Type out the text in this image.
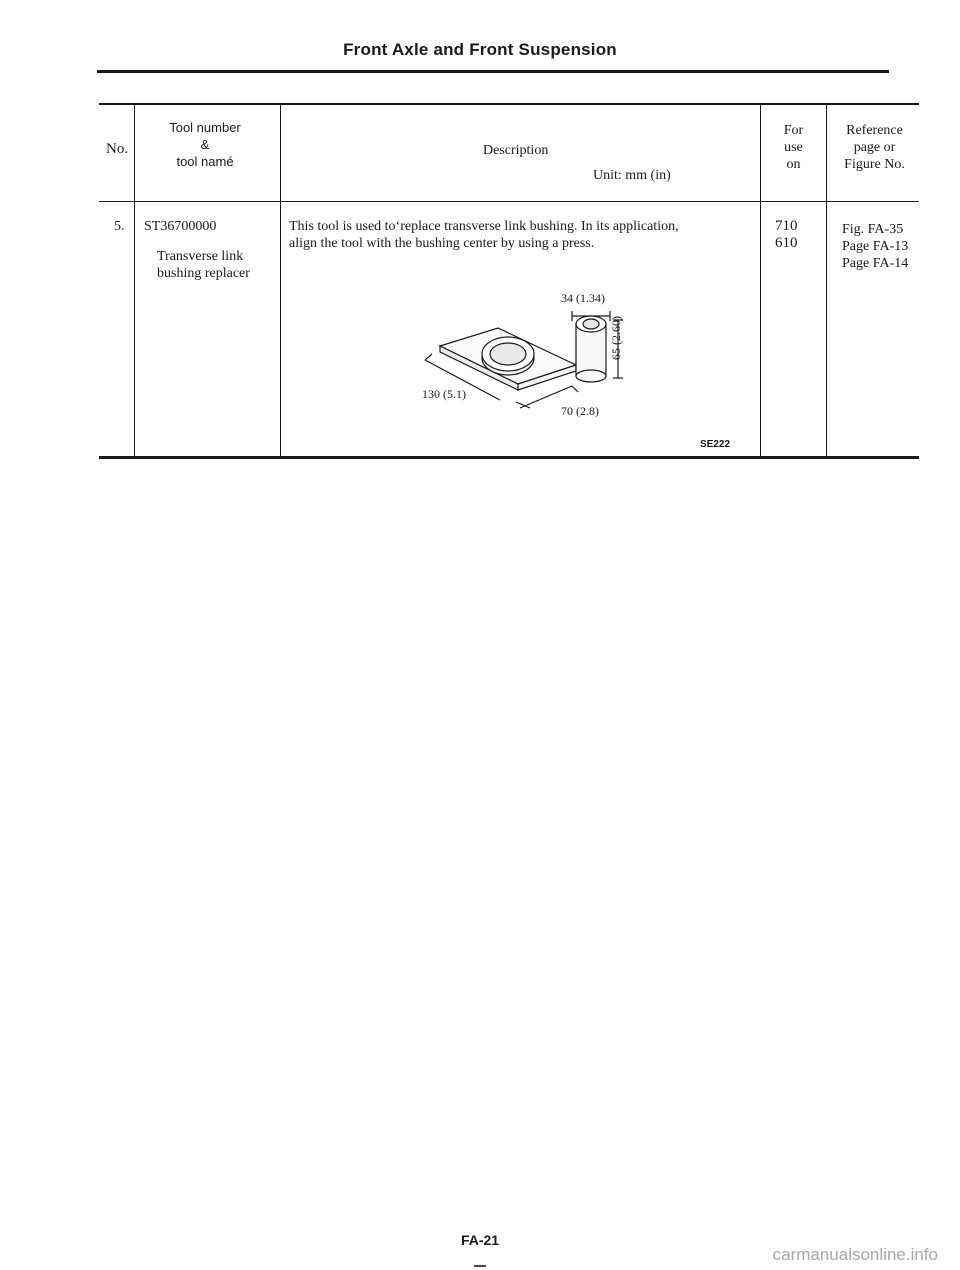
Front Axle and Front Suspension
No.
Tool number
&
tool namé
Description
Unit: mm (in)
For
use
on
Reference
page or
Figure No.
5. ST36700000
Transverse link
bushing replacer
This tool is used to‘replace transverse link bushing. In its application,
align the tool with the bushing center by using a press.
710
610
Fig. FA-35
Page FA-13
Page FA-14
34 (1.34)
65 (2.60)
130 (5.1)
70 (2.8)
SE222
FA-21
carmanualsonline.info
